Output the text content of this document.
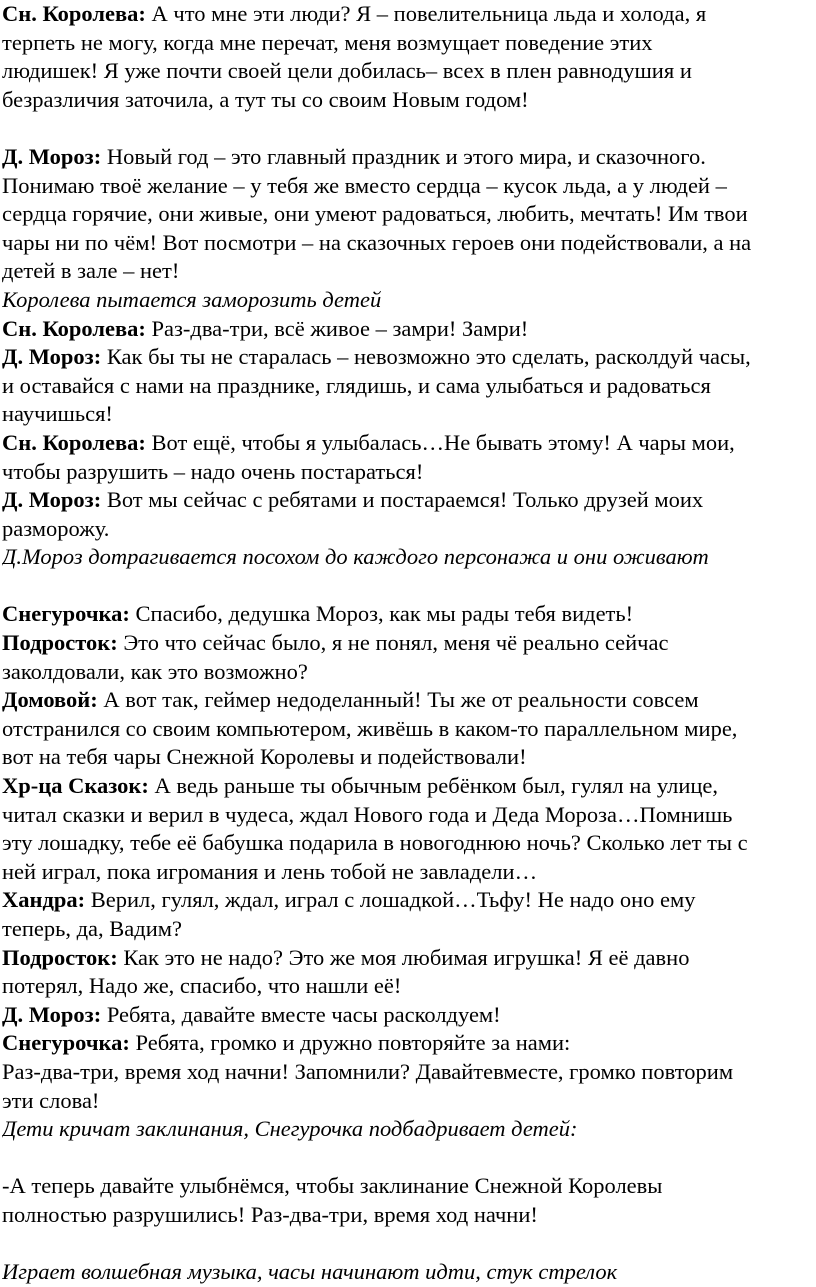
Сн. Королева: А что мне эти люди? Я – повелительница льда и холода, я
терпеть не могу, когда мне перечат, меня возмущает поведение этих
людишек! Я уже почти своей цели добилась– всех в плен равнодушия и
безразличия заточила, а тут ты со своим Новым годом!
Д. Мороз: Новый год – это главный праздник и этого мира, и сказочного.
Понимаю твоё желание – у тебя же вместо сердца – кусок льда, а у людей –
сердца горячие, они живые, они умеют радоваться, любить, мечтать! Им твои
чары ни по чём! Вот посмотри – на сказочных героев они подействовали, а на
детей в зале – нет!
Королева пытается заморозить детей
Сн. Королева: Раз-два-три, всё живое – замри! Замри!
Д. Мороз: Как бы ты не старалась – невозможно это сделать, расколдуй часы,
и оставайся с нами на празднике, глядишь, и сама улыбаться и радоваться
научишься!
Сн. Королева: Вот ещё, чтобы я улыбалась…Не бывать этому! А чары мои,
чтобы разрушить – надо очень постараться!
Д. Мороз: Вот мы сейчас с ребятами и постараемся! Только друзей моих
разморожу.
Д.Мороз дотрагивается посохом до каждого персонажа и они оживают
Снегурочка: Спасибо, дедушка Мороз, как мы рады тебя видеть!
Подросток: Это что сейчас было, я не понял, меня чё реально сейчас
заколдовали, как это возможно?
Домовой: А вот так, геймер недоделанный! Ты же от реальности совсем
отстранился со своим компьютером, живёшь в каком-то параллельном мире,
вот на тебя чары Снежной Королевы и подействовали!
Хр-ца Сказок: А ведь раньше ты обычным ребёнком был, гулял на улице,
читал сказки и верил в чудеса, ждал Нового года и Деда Мороза…Помнишь
эту лошадку, тебе её бабушка подарила в новогоднюю ночь? Сколько лет ты с
ней играл, пока игромания и лень тобой не завладели…
Хандра: Верил, гулял, ждал, играл с лошадкой…Тьфу! Не надо оно ему
теперь, да, Вадим?
Подросток: Как это не надо? Это же моя любимая игрушка! Я её давно
потерял, Надо же, спасибо, что нашли её!
Д. Мороз: Ребята, давайте вместе часы расколдуем!
Снегурочка: Ребята, громко и дружно повторяйте за нами:
Раз-два-три, время ход начни! Запомнили? Давайтевместе, громко повторим
эти слова!
Дети кричат заклинания, Снегурочка подбадривает детей:
-А теперь давайте улыбнёмся, чтобы заклинание Снежной Королевы
полностью разрушились! Раз-два-три, время ход начни!
Играет волшебная музыка, часы начинают идти, стук стрелок
